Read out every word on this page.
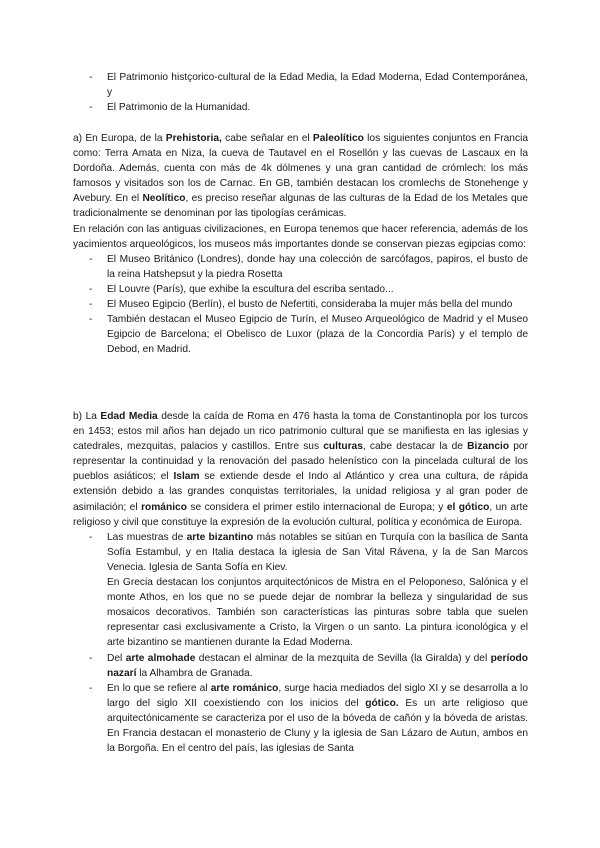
- El Patrimonio histçorico-cultural de la Edad Media, la Edad Moderna, Edad Contemporánea, y
- El Patrimonio de la Humanidad.

a) En Europa, de la Prehistoria, cabe señalar en el Paleolítico los siguientes conjuntos en Francia como: Terra Amata en Niza, la cueva de Tautavel en el Rosellón y las cuevas de Lascaux en la Dordoña. Además, cuenta con más de 4k dólmenes y una gran cantidad de crómlech: los más famosos y visitados son los de Carnac. En GB, también destacan los cromlechs de Stonehenge y Avebury. En el Neolítico, es preciso reseñar algunas de las culturas de la Edad de los Metales que tradicionalmente se denominan por las tipologías cerámicas.

En relación con las antiguas civilizaciones, en Europa tenemos que hacer referencia, además de los yacimientos arqueológicos, los museos más importantes donde se conservan piezas egipcias como:

- El Museo Británico (Londres), donde hay una colección de sarcófagos, papiros, el busto de la reina Hatshepsut y la piedra Rosetta
- El Louvre (París), que exhibe la escultura del escriba sentado...
- El Museo Egipcio (Berlín), el busto de Nefertiti, consideraba la mujer más bella del mundo
- También destacan el Museo Egipcio de Turín, el Museo Arqueológico de Madrid y el Museo Egipcio de Barcelona; el Obelisco de Luxor (plaza de la Concordia París) y el templo de Debod, en Madrid.

b) La Edad Media desde la caída de Roma en 476 hasta la toma de Constantinopla por los turcos en 1453; estos mil años han dejado un rico patrimonio cultural que se manifiesta en las iglesias y catedrales, mezquitas, palacios y castillos. Entre sus culturas, cabe destacar la de Bizancio por representar la continuidad y la renovación del pasado helenístico con la pincelada cultural de los pueblos asiáticos; el Islam se extiende desde el Indo al Atlántico y crea una cultura, de rápida extensión debido a las grandes conquistas territoriales, la unidad religiosa y al gran poder de asimilación; el románico se considera el primer estilo internacional de Europa; y el gótico, un arte religioso y civil que constituye la expresión de la evolución cultural, política y económica de Europa.

- Las muestras de arte bizantino más notables se sitúan en Turquía con la basílica de Santa Sofía Estambul, y en Italia destaca la iglesia de San Vital Rávena, y la de San Marcos Venecia. Iglesia de Santa Sofía en Kiev.

En Grecia destacan los conjuntos arquitectónicos de Mistra en el Peloponeso, Salónica y el monte Athos, en los que no se puede dejar de nombrar la belleza y singularidad de sus mosaicos decorativos. También son características las pinturas sobre tabla que suelen representar casi exclusivamente a Cristo, la Virgen o un santo. La pintura iconológica y el arte bizantino se mantienen durante la Edad Moderna.

- Del arte almohade destacan el alminar de la mezquita de Sevilla (la Giralda) y del período nazarí la Alhambra de Granada.

- En lo que se refiere al arte románico, surge hacia mediados del siglo XI y se desarrolla a lo largo del siglo XII coexistiendo con los inicios del gótico. Es un arte religioso que arquitectónicamente se caracteriza por el uso de la bóveda de cañón y la bóveda de aristas. En Francia destacan el monasterio de Cluny y la iglesia de San Lázaro de Autun, ambos en la Borgoña. En el centro del país, las iglesias de Santa
